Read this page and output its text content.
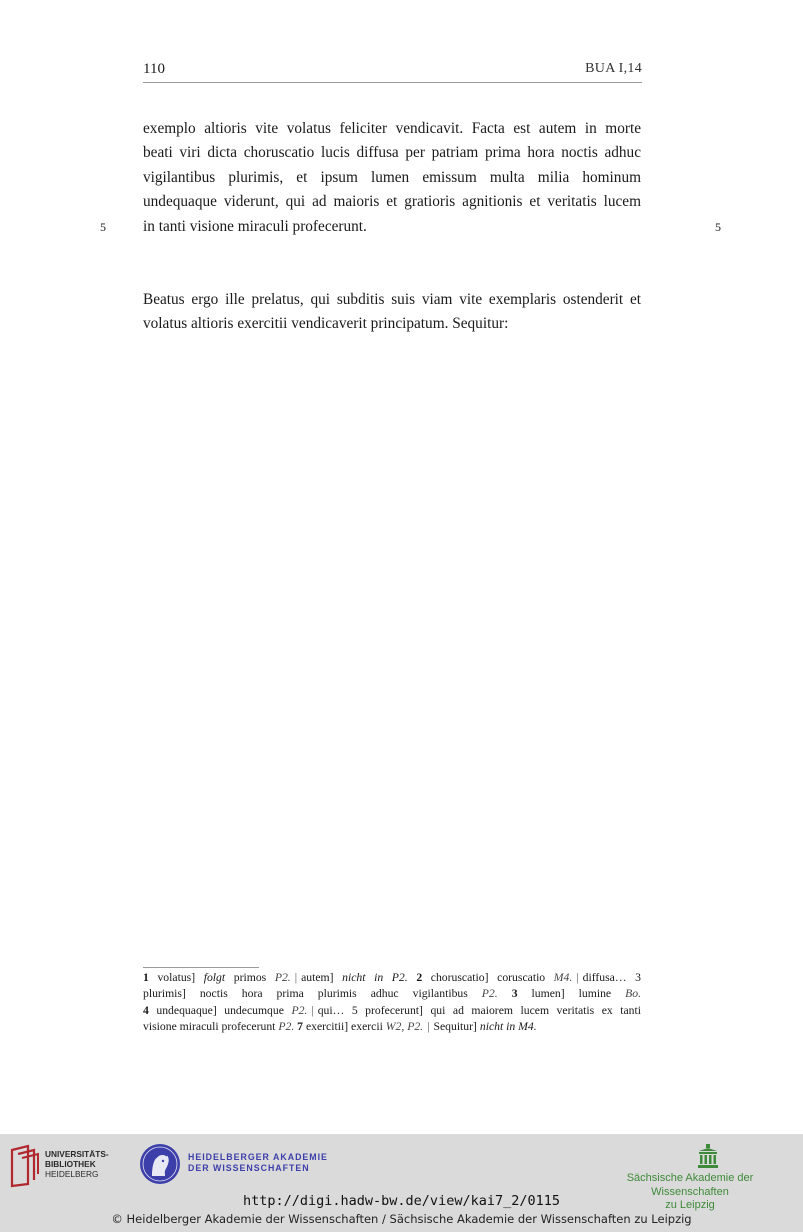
110	BUA I,14
exemplo altioris vite volatus feliciter vendicavit. Facta est autem in morte
beati viri dicta choruscatio lucis diffusa per patriam prima hora noctis adhuc
vigilantibus plurimis, et ipsum lumen emissum multa milia hominum
undequaque viderunt, qui ad maioris et gratioris agnitionis et veritatis lucem
in tanti visione miraculi profecerunt.
5	5
Beatus ergo ille prelatus, qui subditis suis viam vite exemplaris ostenderit et
volatus altioris exercitii vendicaverit principatum. Sequitur:
1 volatus] folgt primos P2. | autem] nicht in P2. 2 choruscatio] coruscatio M4. | diffusa… 3
plurimis] noctis hora prima plurimis adhuc vigilantibus P2. 3 lumen] lumine Bo.
4 undequaque] undecumque P2. | qui… 5 profecerunt] qui ad maiorem lucem veritatis ex tanti
visione miraculi profecerunt P2. 7 exercitii] exercii W2, P2. | Sequitur] nicht in M4.
UNIVERSITÄTS-
BIBLIOTHEK
HEIDELBERG
HEIDELBERGER AKADEMIE
DER WISSENSCHAFTEN
Sächsische Akademie der Wissenschaften
zu Leipzig
http://digi.hadw-bw.de/view/kai7_2/0115
© Heidelberger Akademie der Wissenschaften / Sächsische Akademie der Wissenschaften zu Leipzig
